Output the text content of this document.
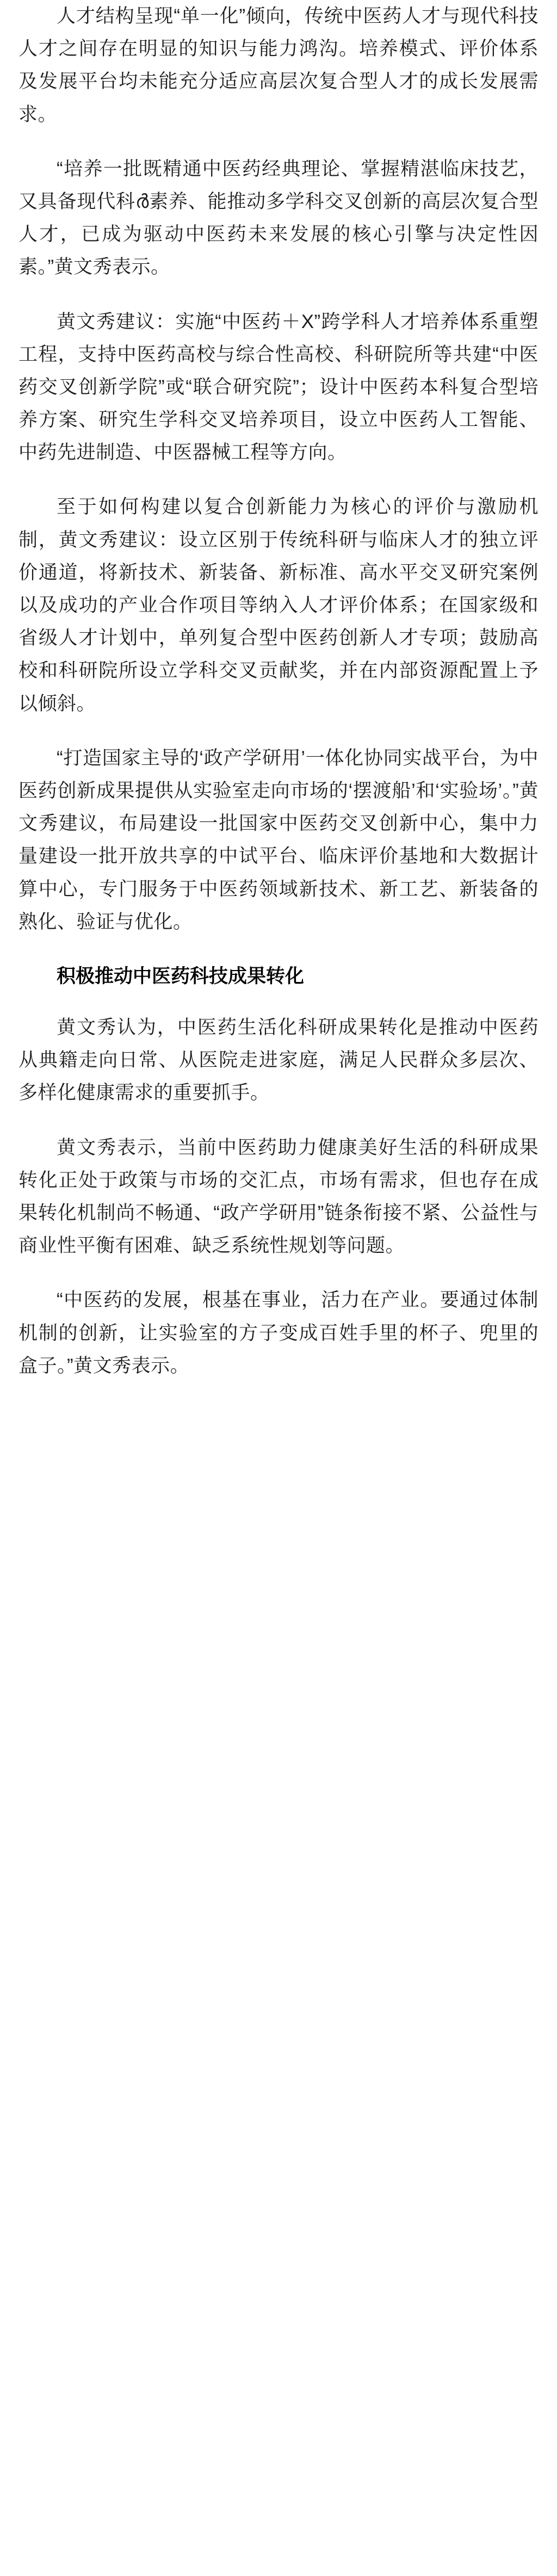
人才结构呈现“单一化”倾向，传统中医药人才与现代科技人才之间存在明显的知识与能力鸿沟。培养模式、评价体系及发展平台均未能充分适应高层次复合型人才的成长发展需求。

“培养一批既精通中医药经典理论、掌握精湛临床技艺，又具备现代科ർ素养、能推动多学科交叉创新的高层次复合型人才，已成为驱动中医药未来发展的核心引擎与决定性因素。”黄文秀表示。

黄文秀建议：实施“中医药＋X”跨学科人才培养体系重塑工程，支持中医药高校与综合性高校、科研院所等共建“中医药交叉创新学院”或“联合研究院”；设计中医药本科复合型培养方案、研究生学科交叉培养项目，设立中医药人工智能、中药先进制造、中医器械工程等方向。

至于如何构建以复合创新能力为核心的评价与激励机制，黄文秀建议：设立区别于传统科研与临床人才的独立评价通道，将新技术、新装备、新标准、高水平交叉研究案例以及成功的产业合作项目等纳入人才评价体系；在国家级和省级人才计划中，单列复合型中医药创新人才专项；鼓励高校和科研院所设立学科交叉贡献奖，并在内部资源配置上予以倾斜。

“打造国家主导的‘政产学研用’一体化协同实战平台，为中医药创新成果提供从实验室走向市场的‘摆渡船’和‘实验场’。”黄文秀建议，布局建设一批国家中医药交叉创新中心，集中力量建设一批开放共享的中试平台、临床评价基地和大数据计算中心，专门服务于中医药领域新技术、新工艺、新装备的熟化、验证与优化。

积极推动中医药科技成果转化

黄文秀认为，中医药生活化科研成果转化是推动中医药从典籍走向日常、从医院走进家庭，满足人民群众多层次、多样化健康需求的重要抓手。

黄文秀表示，当前中医药助力健康美好生活的科研成果转化正处于政策与市场的交汇点，市场有需求，但也存在成果转化机制尚不畅通、“政产学研用”链条衔接不紧、公益性与商业性平衡有困难、缺乏系统性规划等问题。

“中医药的发展，根基在事业，活力在产业。要通过体制机制的创新，让实验室的方子变成百姓手里的杯子、兜里的盒子。”黄文秀表示。
